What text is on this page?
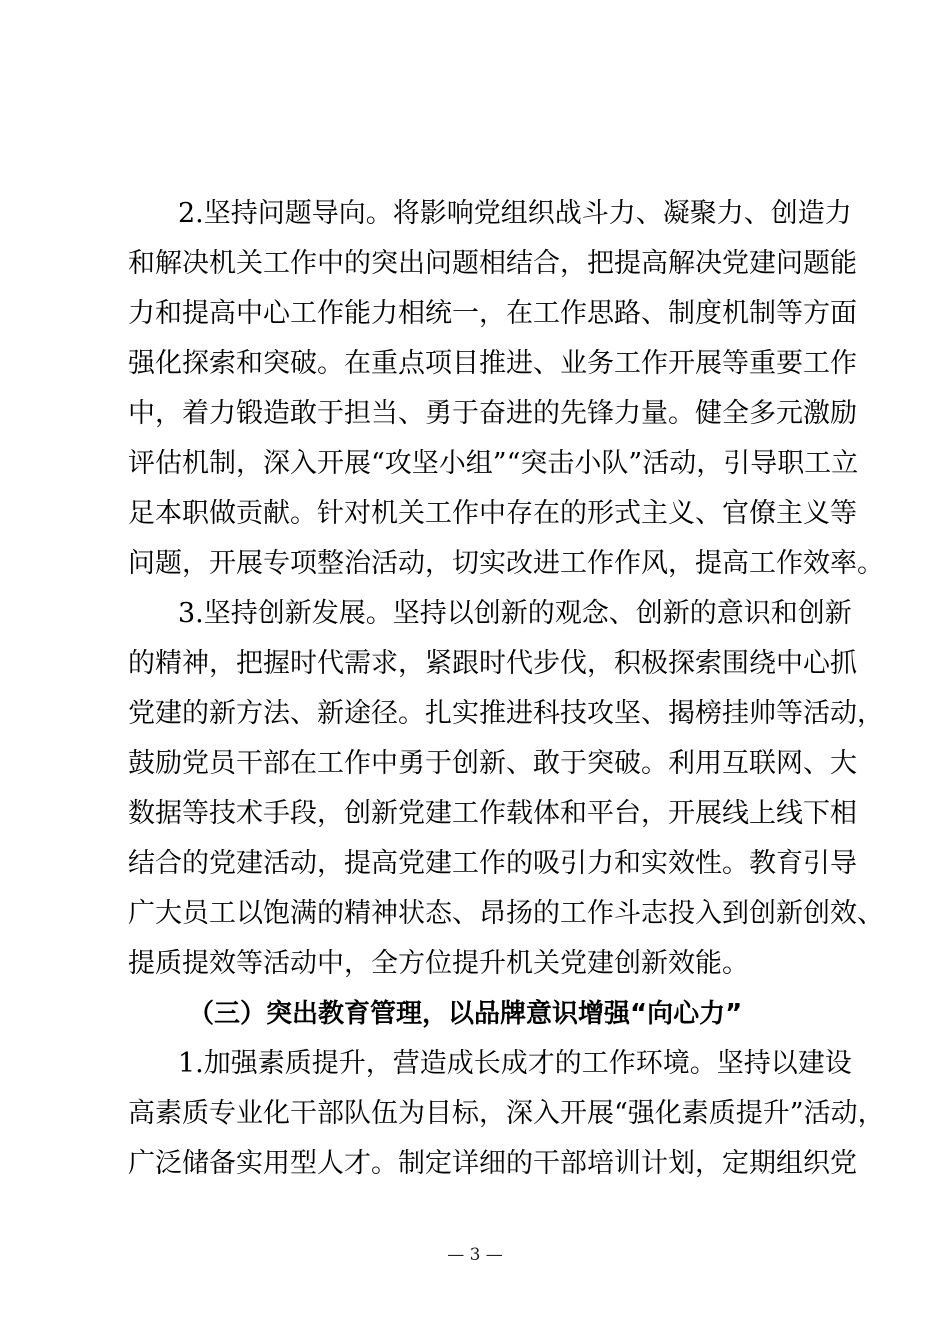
2.坚持问题导向。将影响党组织战斗力、凝聚力、创造力
和解决机关工作中的突出问题相结合，把提高解决党建问题能
力和提高中心工作能力相统一，在工作思路、制度机制等方面
强化探索和突破。在重点项目推进、业务工作开展等重要工作
中，着力锻造敢于担当、勇于奋进的先锋力量。健全多元激励
评估机制，深入开展“攻坚小组”“突击小队”活动，引导职工立
足本职做贡献。针对机关工作中存在的形式主义、官僚主义等
问题，开展专项整治活动，切实改进工作作风，提高工作效率。
3.坚持创新发展。坚持以创新的观念、创新的意识和创新
的精神，把握时代需求，紧跟时代步伐，积极探索围绕中心抓
党建的新方法、新途径。扎实推进科技攻坚、揭榜挂帅等活动，
鼓励党员干部在工作中勇于创新、敢于突破。利用互联网、大
数据等技术手段，创新党建工作载体和平台，开展线上线下相
结合的党建活动，提高党建工作的吸引力和实效性。教育引导
广大员工以饱满的精神状态、昂扬的工作斗志投入到创新创效、
提质提效等活动中，全方位提升机关党建创新效能。
（三）突出教育管理，以品牌意识增强“向心力”
1.加强素质提升，营造成长成才的工作环境。坚持以建设
高素质专业化干部队伍为目标，深入开展“强化素质提升”活动，
广泛储备实用型人才。制定详细的干部培训计划，定期组织党
— 3 —
